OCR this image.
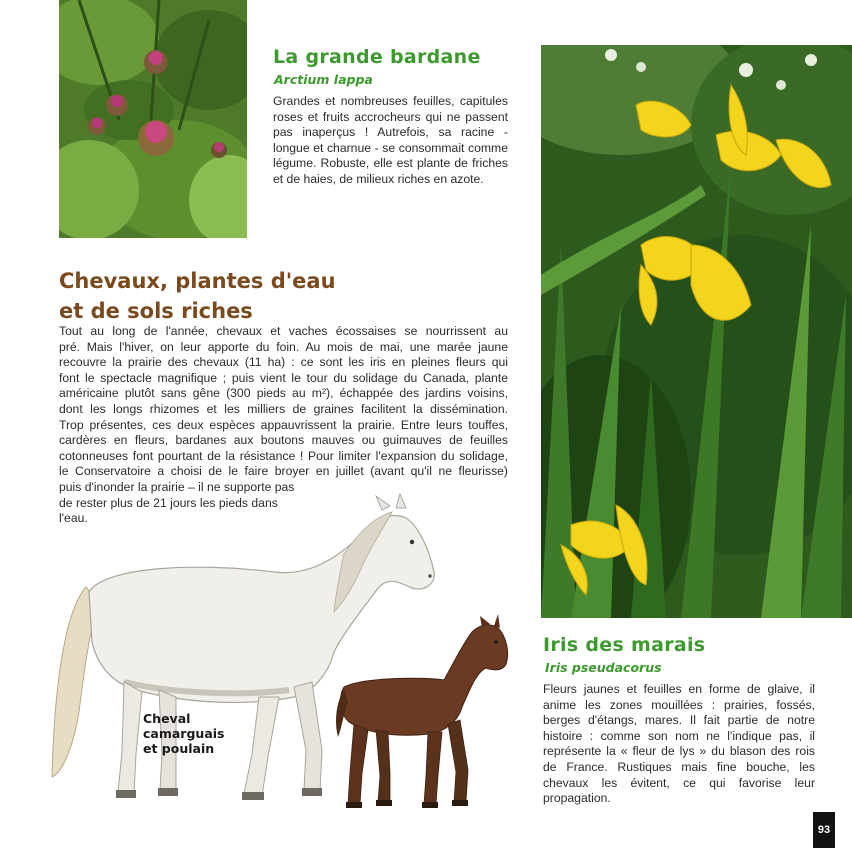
La grande bardane
Arctium lappa
Grandes et nombreuses feuilles, capitules roses et fruits accrocheurs qui ne passent pas inaperçus ! Autrefois, sa racine - longue et charnue - se consommait comme légume. Robuste, elle est plante de friches et de haies, de milieux riches en azote.
Chevaux, plantes d'eau
et de sols riches
Tout au long de l'année, chevaux et vaches écossaises se nourrissent au
pré. Mais l'hiver, on leur apporte du foin. Au mois de mai, une marée jaune
recouvre la prairie des chevaux (11 ha) : ce sont les iris en pleines fleurs qui
font le spectacle magnifique ; puis vient le tour du solidage du Canada, plante
américaine plutôt sans gêne (300 pieds au m²), échappée des jardins voisins,
dont les longs rhizomes et les milliers de graines facilitent la dissémination.
Trop présentes, ces deux espèces appauvrissent la prairie. Entre leurs touffes,
cardères en fleurs, bardanes aux boutons mauves ou guimauves de feuilles
cotonneuses font pourtant de la résistance ! Pour limiter l'expansion du solidage,
le Conservatoire a choisi de le faire broyer en juillet (avant qu'il ne fleurisse)
puis d'inonder la prairie – il ne supporte pas
de rester plus de 21 jours les pieds dans
l'eau.
Cheval
camarguais
et poulain
Iris des marais
Iris pseudacorus
Fleurs jaunes et feuilles en forme de glaive, il anime les zones mouillées : prairies, fossés, berges d'étangs, mares. Il fait partie de notre histoire : comme son nom ne l'indique pas, il représente la « fleur de lys » du blason des rois de France. Rustiques mais fine bouche, les chevaux les évitent, ce qui favorise leur propagation.
93
